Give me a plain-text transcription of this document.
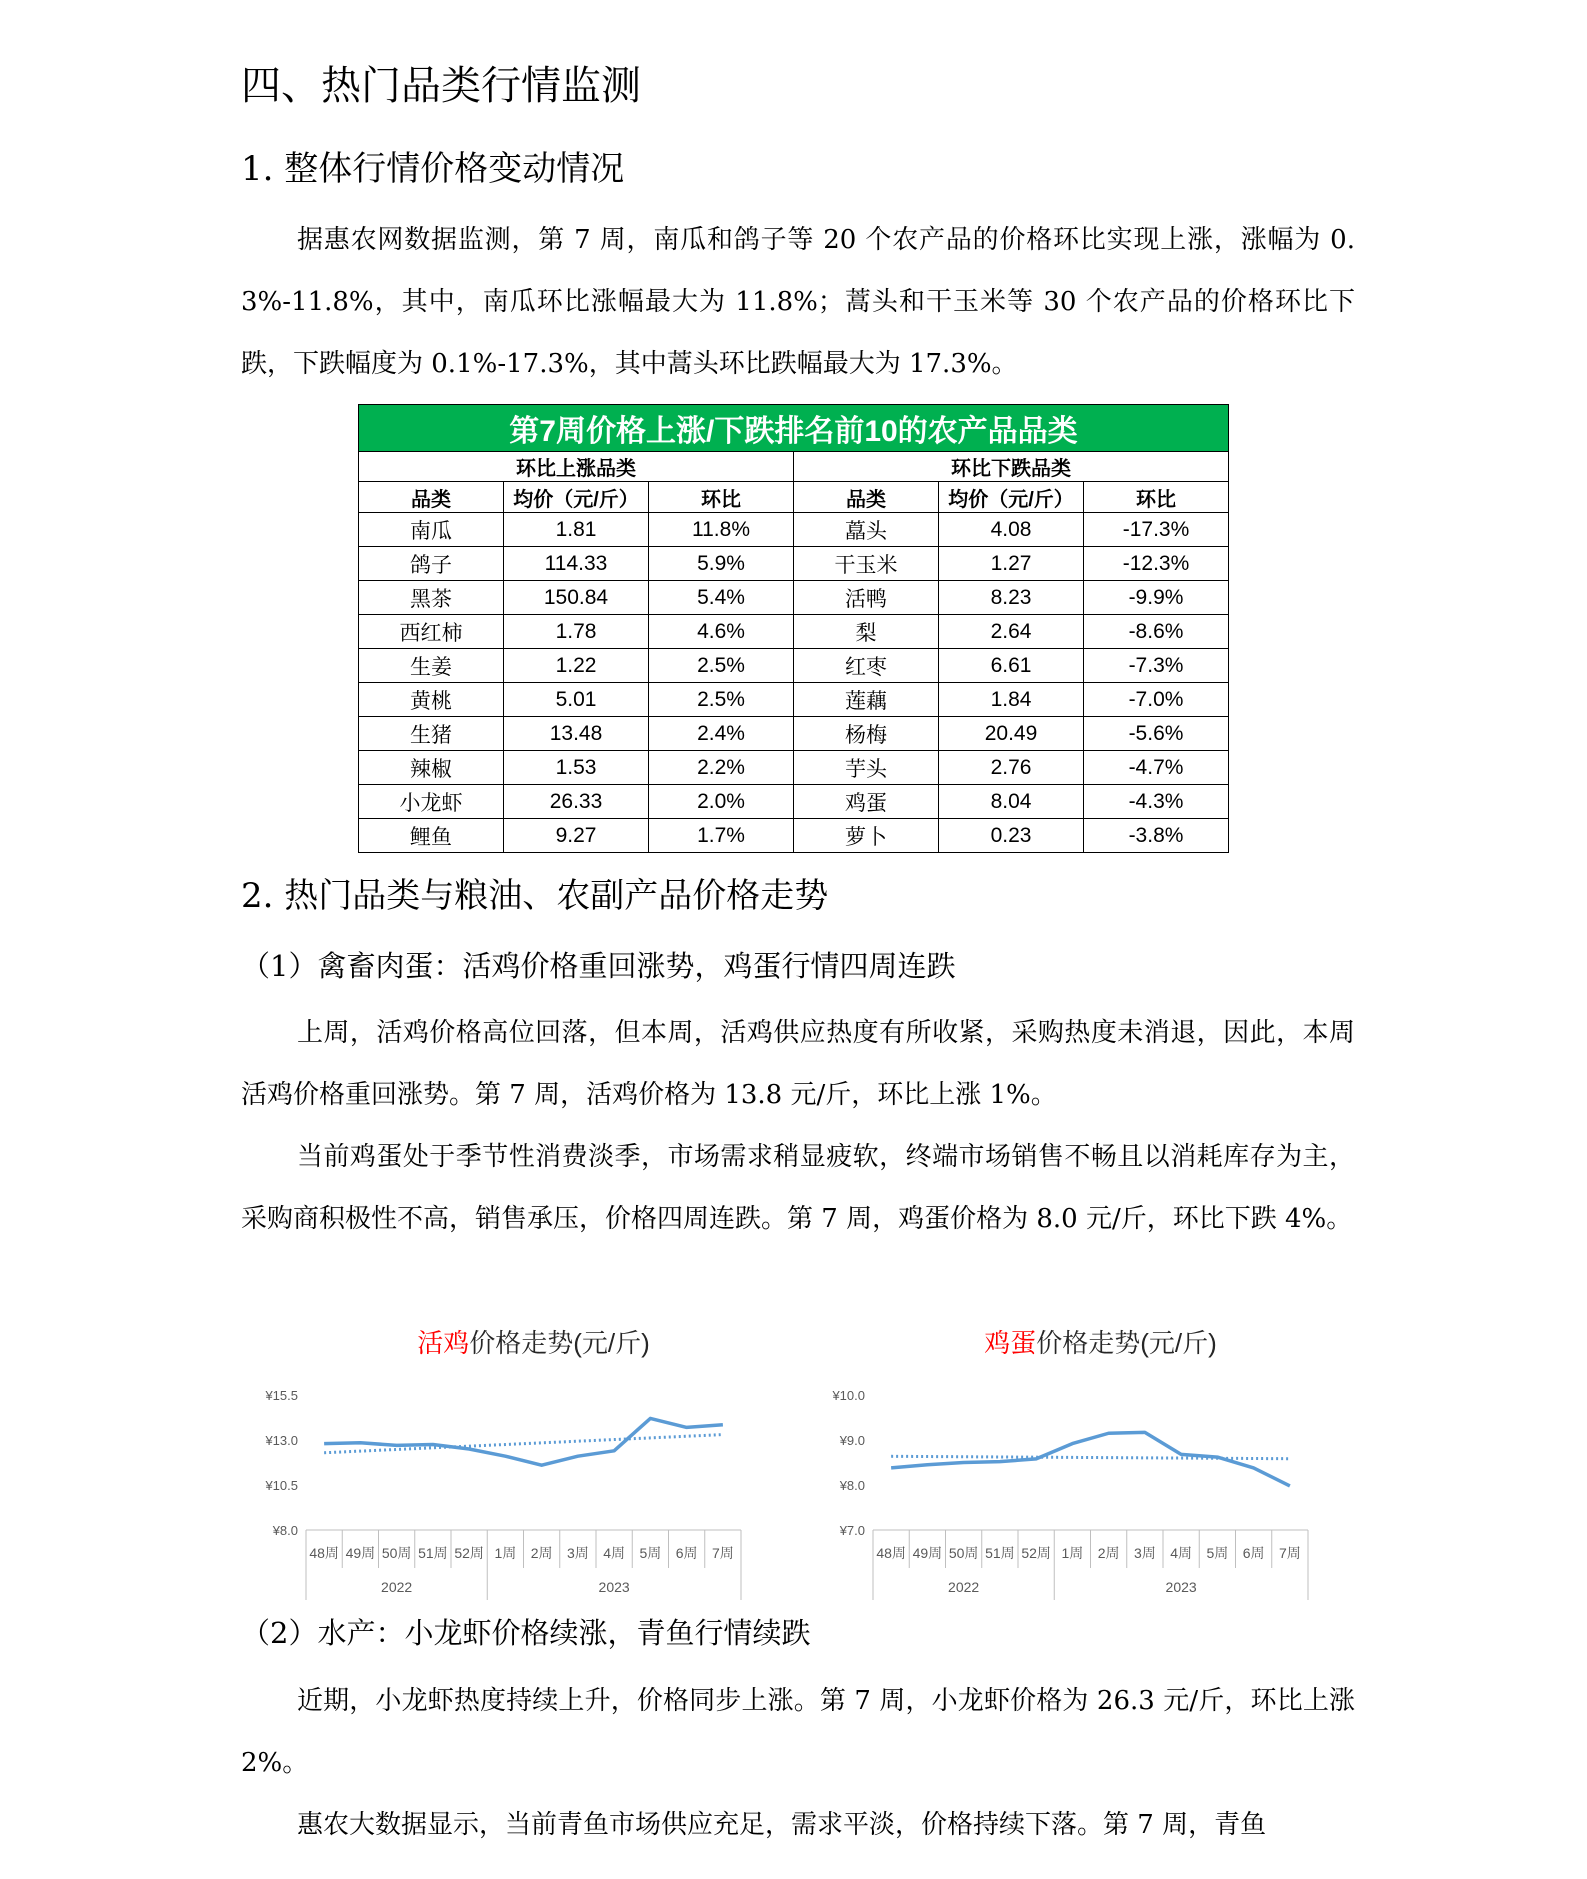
四、热门品类行情监测
1. 整体行情价格变动情况
据惠农网数据监测，第 7 周，南瓜和鸽子等 20 个农产品的价格环比实现上涨，涨幅为 0.3%-11.8%，其中，南瓜环比涨幅最大为 11.8%；蒿头和干玉米等 30 个农产品的价格环比下跌，下跌幅度为 0.1%-17.3%，其中蒿头环比跌幅最大为 17.3%。
第7周价格上涨/下跌排名前10的农产品品类					
环比上涨品类			环比下跌品类		
品类	均价（元/斤）	环比	品类	均价（元/斤）	环比
南瓜	1.81	11.8%	藠头	4.08	-17.3%
鸽子	114.33	5.9%	干玉米	1.27	-12.3%
黑茶	150.84	5.4%	活鸭	8.23	-9.9%
西红柿	1.78	4.6%	梨	2.64	-8.6%
生姜	1.22	2.5%	红枣	6.61	-7.3%
黄桃	5.01	2.5%	莲藕	1.84	-7.0%
生猪	13.48	2.4%	杨梅	20.49	-5.6%
辣椒	1.53	2.2%	芋头	2.76	-4.7%
小龙虾	26.33	2.0%	鸡蛋	8.04	-4.3%
鲤鱼	9.27	1.7%	萝卜	0.23	-3.8%
2. 热门品类与粮油、农副产品价格走势
（1）禽畜肉蛋：活鸡价格重回涨势，鸡蛋行情四周连跌
上周，活鸡价格高位回落，但本周，活鸡供应热度有所收紧，采购热度未消退，因此，本周活鸡价格重回涨势。第 7 周，活鸡价格为 13.8 元/斤，环比上涨 1%。
当前鸡蛋处于季节性消费淡季，市场需求稍显疲软，终端市场销售不畅且以消耗库存为主，采购商积极性不高，销售承压，价格四周连跌。第 7 周，鸡蛋价格为 8.0 元/斤，环比下跌 4%。
活鸡价格走势(元/斤)
¥8.0
¥10.5
¥13.0
¥15.5
48周 49周 50周 51周 52周 1周 2周 3周 4周 5周 6周 7周
2022	2023
鸡蛋价格走势(元/斤)
¥7.0
¥8.0
¥9.0
¥10.0
48周 49周 50周 51周 52周 1周 2周 3周 4周 5周 6周 7周
2022	2023
（2）水产：小龙虾价格续涨，青鱼行情续跌
近期，小龙虾热度持续上升，价格同步上涨。第 7 周，小龙虾价格为 26.3 元/斤，环比上涨 2%。
惠农大数据显示，当前青鱼市场供应充足，需求平淡，价格持续下落。第 7 周，青鱼
